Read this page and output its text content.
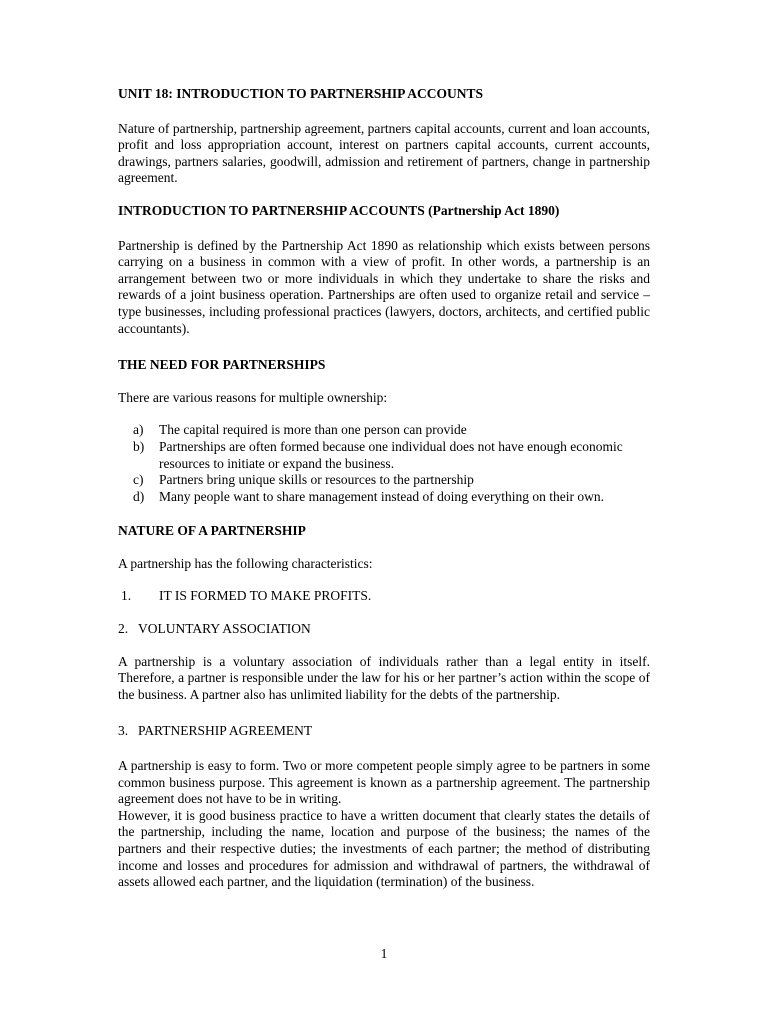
UNIT 18: INTRODUCTION TO PARTNERSHIP ACCOUNTS

Nature of partnership, partnership agreement, partners capital accounts, current and loan accounts, profit and loss appropriation account, interest on partners capital accounts, current accounts, drawings, partners salaries, goodwill, admission and retirement of partners, change in partnership agreement.

INTRODUCTION TO PARTNERSHIP ACCOUNTS (Partnership Act 1890)

Partnership is defined by the Partnership Act 1890 as relationship which exists between persons carrying on a business in common with a view of profit. In other words, a partnership is an arrangement between two or more individuals in which they undertake to share the risks and rewards of a joint business operation. Partnerships are often used to organize retail and service – type businesses, including professional practices (lawyers, doctors, architects, and certified public accountants).

THE NEED FOR PARTNERSHIPS

There are various reasons for multiple ownership:

a)	The capital required is more than one person can provide
b)	Partnerships are often formed because one individual does not have enough economic resources to initiate or expand the business.
c)	Partners bring unique skills or resources to the partnership
d)	Many people want to share management instead of doing everything on their own.
NATURE OF A PARTNERSHIP

A partnership has the following characteristics:

1.	IT IS FORMED TO MAKE PROFITS.
2. VOLUNTARY ASSOCIATION

A partnership is a voluntary association of individuals rather than a legal entity in itself. Therefore, a partner is responsible under the law for his or her partner’s action within the scope of the business. A partner also has unlimited liability for the debts of the partnership.

3. PARTNERSHIP AGREEMENT

A partnership is easy to form. Two or more competent people simply agree to be partners in some common business purpose. This agreement is known as a partnership agreement. The partnership agreement does not have to be in writing.

However, it is good business practice to have a written document that clearly states the details of the partnership, including the name, location and purpose of the business; the names of the partners and their respective duties; the investments of each partner; the method of distributing income and losses and procedures for admission and withdrawal of partners, the withdrawal of assets allowed each partner, and the liquidation (termination) of the business.

1
